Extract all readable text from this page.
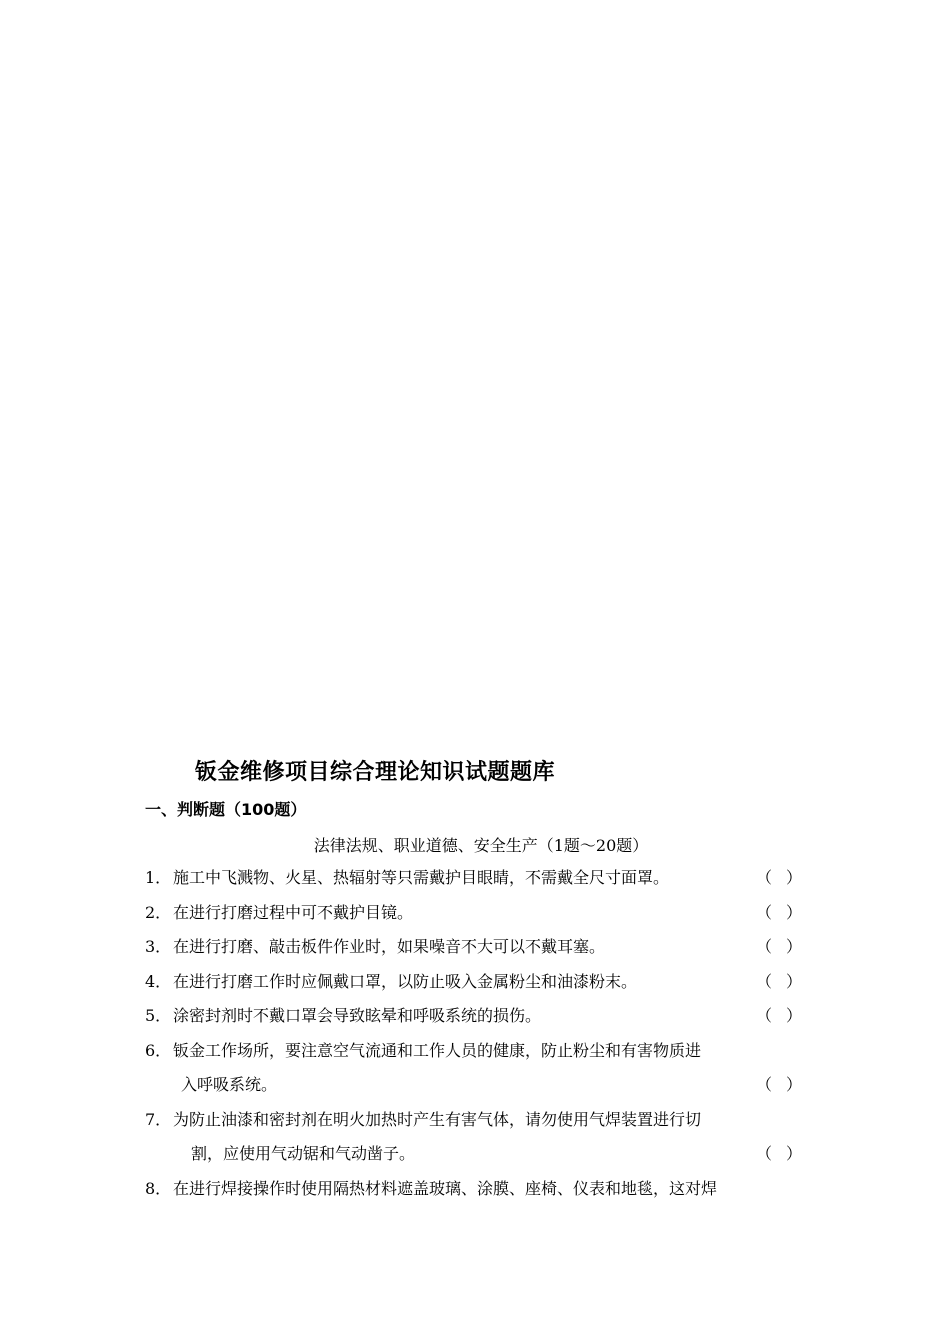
钣金维修项目综合理论知识试题题库
一、判断题（100题）
法律法规、职业道德、安全生产（1题～20题）
1． 施工中飞溅物、火星、热辐射等只需戴护目眼睛，不需戴全尺寸面罩。	（ ）
2． 在进行打磨过程中可不戴护目镜。	（ ）
3． 在进行打磨、敲击板件作业时，如果噪音不大可以不戴耳塞。	（ ）
4． 在进行打磨工作时应佩戴口罩，以防止吸入金属粉尘和油漆粉末。	（ ）
5． 涂密封剂时不戴口罩会导致眩晕和呼吸系统的损伤。	（ ）
6． 钣金工作场所，要注意空气流通和工作人员的健康，防止粉尘和有害物质进
入呼吸系统。	（ ）
7． 为防止油漆和密封剂在明火加热时产生有害气体，请勿使用气焊装置进行切
割，应使用气动锯和气动凿子。	（ ）
8． 在进行焊接操作时使用隔热材料遮盖玻璃、涂膜、座椅、仪表和地毯，这对焊
